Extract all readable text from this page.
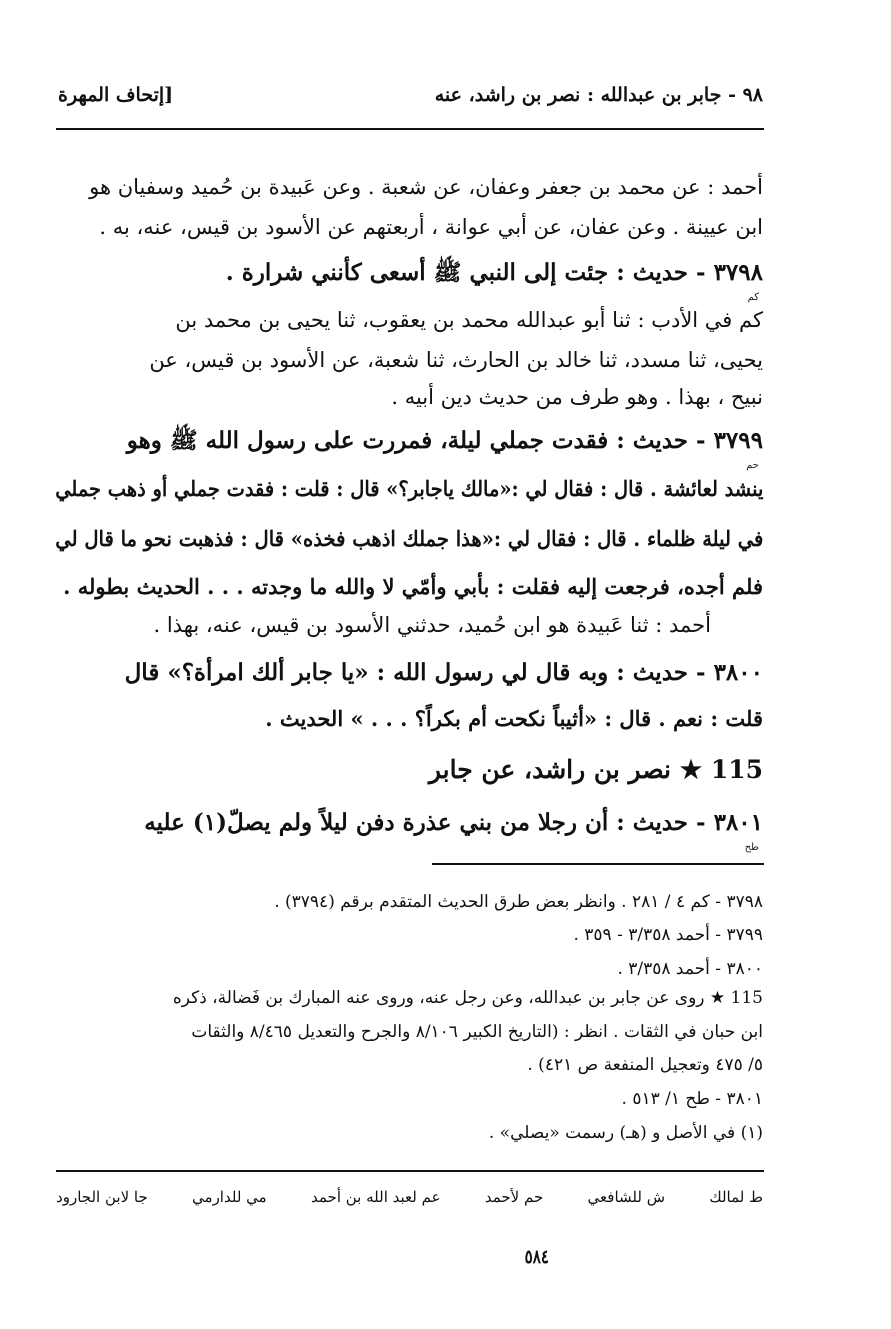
٩٨ - جابر بن عبدالله : نصر بن راشد، عنه
[إتحاف المهرة
أحمد : عن محمد بن جعفر وعفان، عن شعبة . وعن عَبيدة بن حُميد وسفيان هو
ابن عيينة . وعن عفان، عن أبي عوانة ، أربعتهم عن الأسود بن قيس، عنه، به .
٣٧٩٨ - حديث : جئت إلى النبي ﷺ أسعى كأنني شرارة .
كم
كم في الأدب : ثنا أبو عبدالله محمد بن يعقوب، ثنا يحيى بن محمد بن
يحيى، ثنا مسدد، ثنا خالد بن الحارث، ثنا شعبة، عن الأسود بن قيس، عن
نبيح ، بهذا . وهو طرف من حديث دين أبيه .
٣٧٩٩ - حديث : فقدت جملي ليلة، فمررت على رسول الله ﷺ وهو
حم
ينشد لعائشة . قال : فقال لي :«مالك ياجابر؟» قال : قلت : فقدت جملي أو ذهب جملي
في ليلة ظلماء . قال : فقال لي :«هذا جملك اذهب فخذه» قال : فذهبت نحو ما قال لي
فلم أجده، فرجعت إليه فقلت : بأبي وأمّي لا والله ما وجدته . . . الحديث بطوله .
أحمد : ثنا عَبيدة هو ابن حُميد، حدثني الأسود بن قيس، عنه، بهذا .
٣٨٠٠ - حديث : وبه قال لي رسول الله : «يا جابر ألك امرأة؟» قال
قلت : نعم . قال : «أثيباً نكحت أم بكراً؟ . . . » الحديث .
115 ★ نصر بن راشد، عن جابر
٣٨٠١ - حديث : أن رجلا من بني عذرة دفن ليلاً ولم يصلّ(١) عليه
طح
٣٧٩٨ - كم ٤ / ٢٨١ . وانظر بعض طرق الحديث المتقدم برقم (٣٧٩٤) .
٣٧٩٩ - أحمد ٣/٣٥٨ - ٣٥٩ .
٣٨٠٠ - أحمد ٣/٣٥٨ .
115 ★ روى عن جابر بن عبدالله، وعن رجل عنه، وروى عنه المبارك بن فَضالة، ذكره
ابن حبان في الثقات . انظر : (التاريخ الكبير ٨/١٠٦ والجرح والتعديل ٨/٤٦٥ والثقات
٥/ ٤٧٥ وتعجيل المنفعة ص ٤٢١) .
٣٨٠١ - طح ١/ ٥١٣ .
(١) في الأصل و (هـ) رسمت «يصلي» .
ط لمالك
ش للشافعي
حم لأحمد
عم لعبد الله بن أحمد
مي للدارمي
جا لابن الجارود
٥٨٤
